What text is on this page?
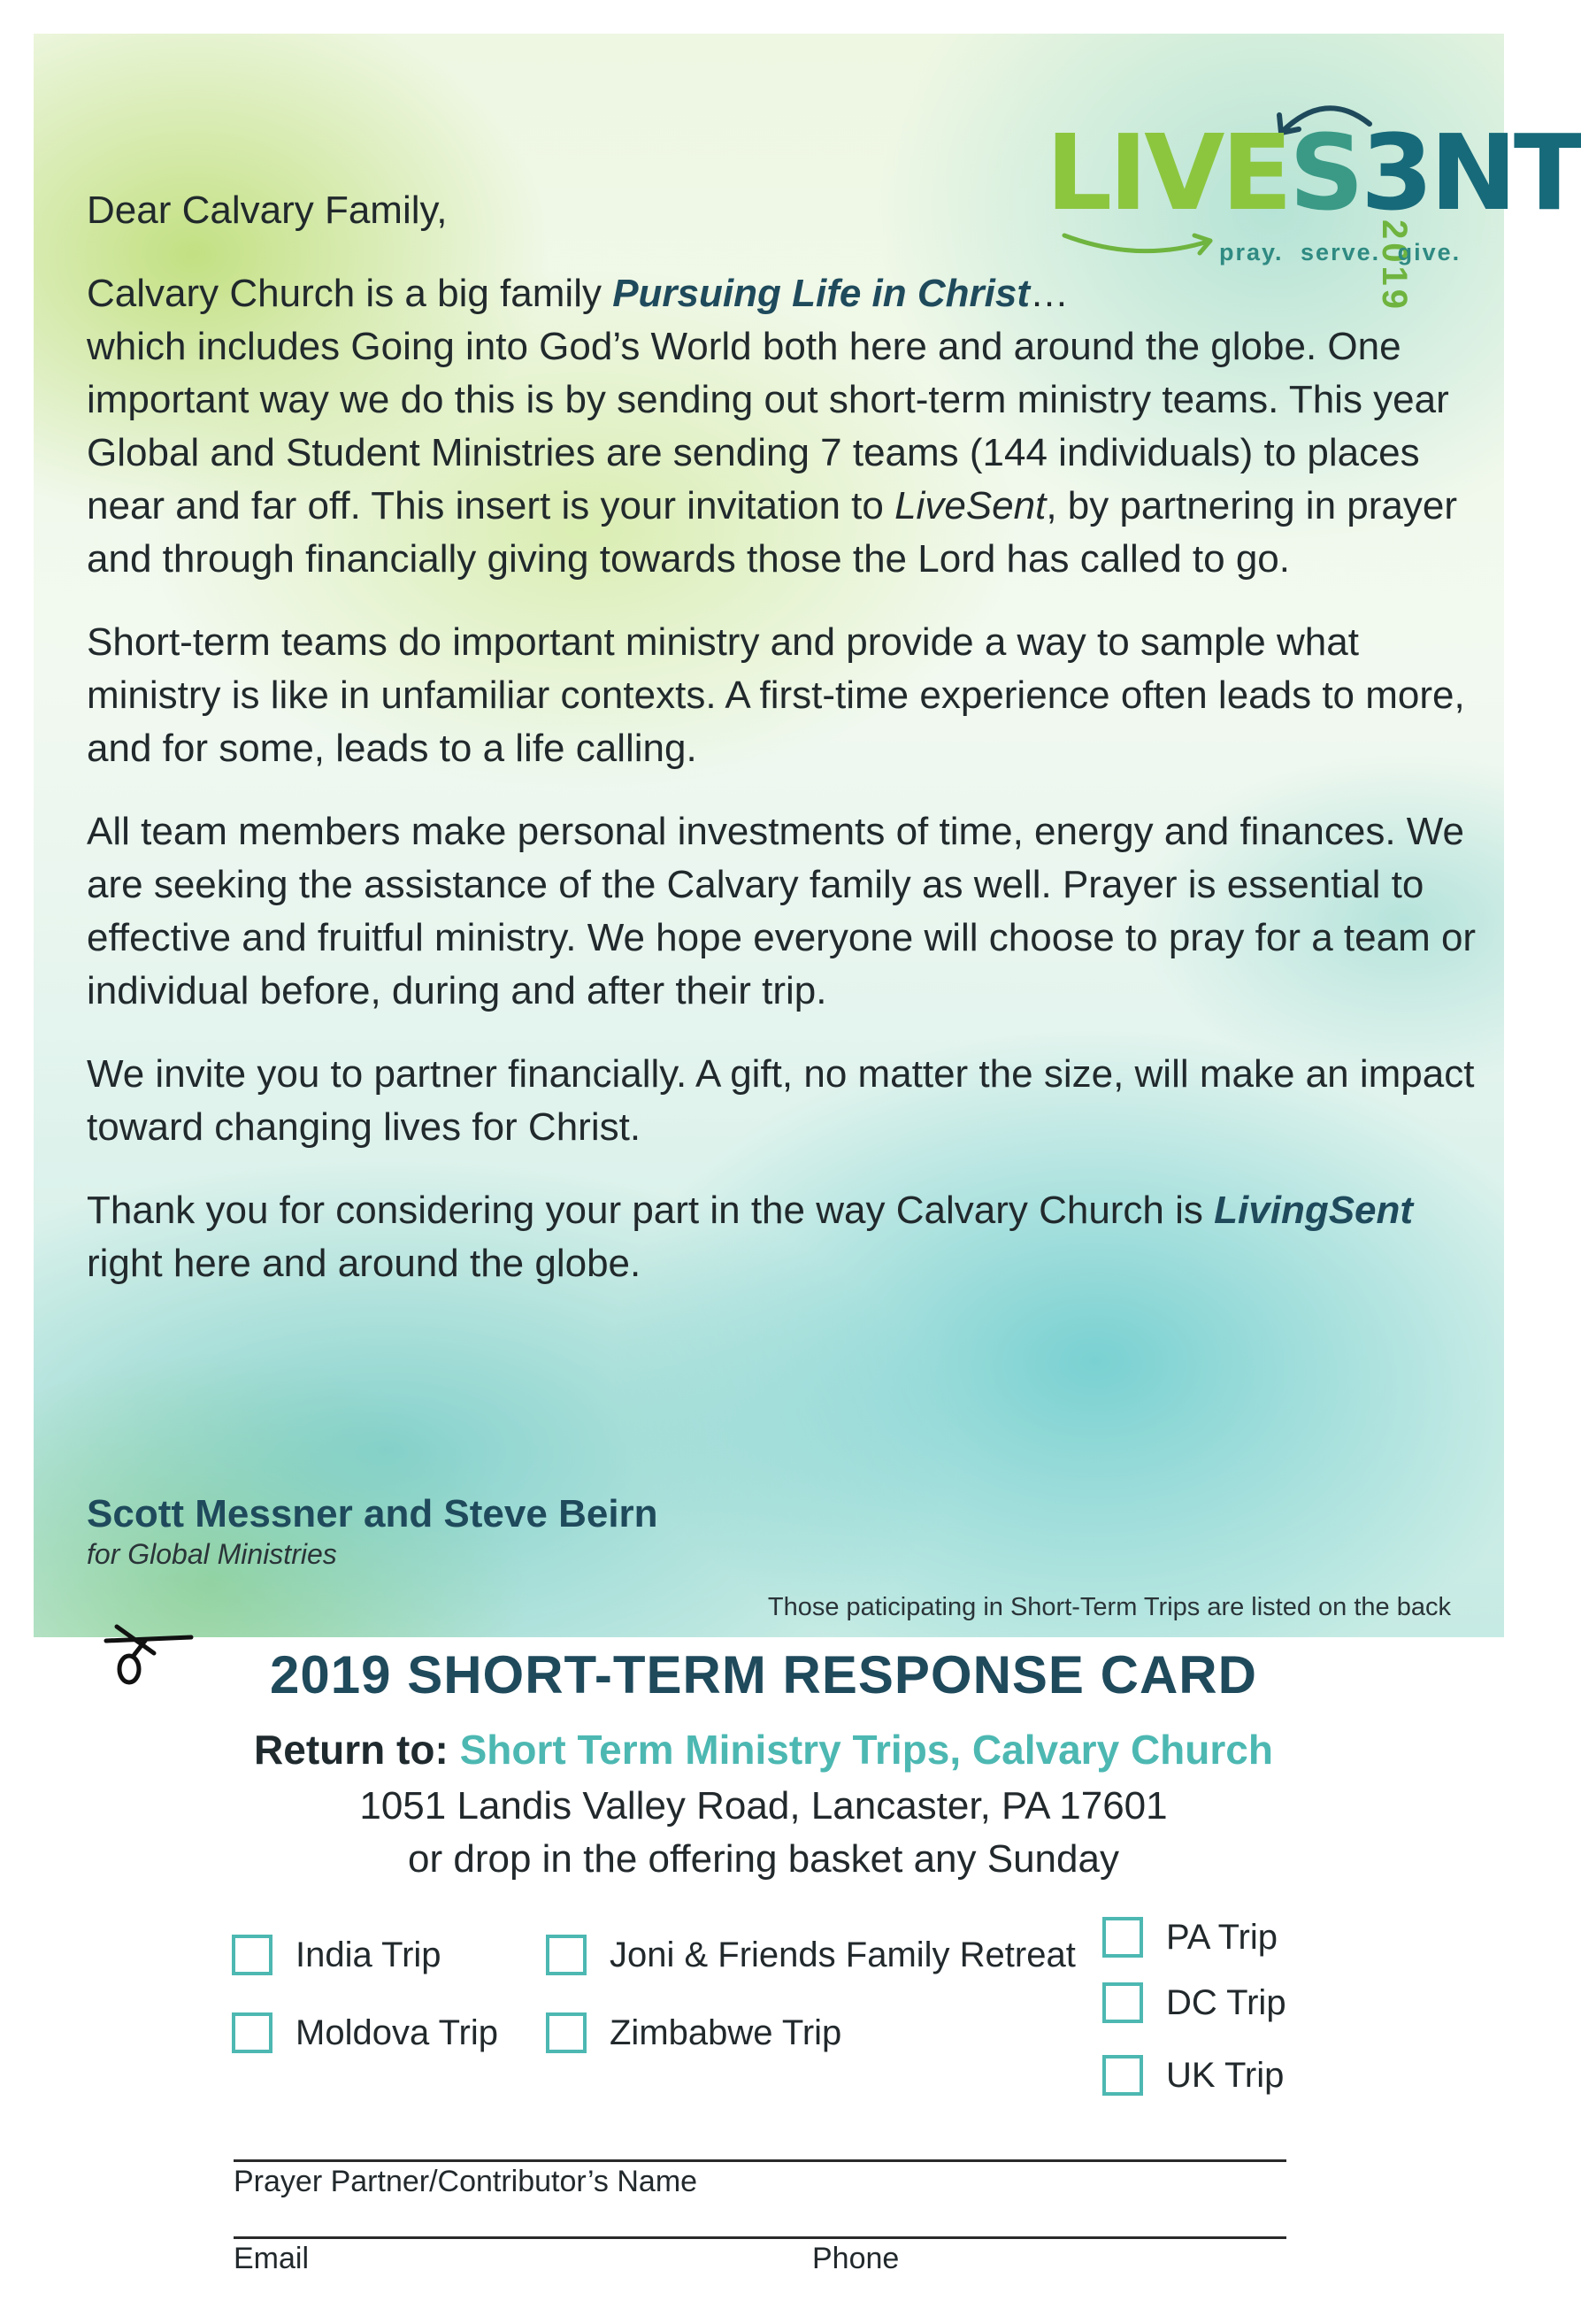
LIVES3NT
2019
pray. serve. give.

Dear Calvary Family,

Calvary Church is a big family Pursuing Life in Christ…
which includes Going into God’s World both here and around the globe. One important way we do this is by sending out short-term ministry teams. This year Global and Student Ministries are sending 7 teams (144 individuals) to places near and far off. This insert is your invitation to LiveSent, by partnering in prayer and through financially giving towards those the Lord has called to go.

Short-term teams do important ministry and provide a way to sample what ministry is like in unfamiliar contexts. A first-time experience often leads to more, and for some, leads to a life calling.

All team members make personal investments of time, energy and finances. We are seeking the assistance of the Calvary family as well. Prayer is essential to effective and fruitful ministry. We hope everyone will choose to pray for a team or individual before, during and after their trip.

We invite you to partner financially. A gift, no matter the size, will make an impact toward changing lives for Christ.

Thank you for considering your part in the way Calvary Church is LivingSent right here and around the globe.

Scott Messner and Steve Beirn
for Global Ministries
Those paticipating in Short-Term Trips are listed on the back
2019 SHORT-TERM RESPONSE CARD
Return to: Short Term Ministry Trips, Calvary Church
1051 Landis Valley Road, Lancaster, PA 17601
or drop in the offering basket any Sunday
India Trip
Moldova Trip
Joni & Friends Family Retreat
Zimbabwe Trip
PA Trip
DC Trip
UK Trip
Prayer Partner/Contributor’s Name
Email	Phone
